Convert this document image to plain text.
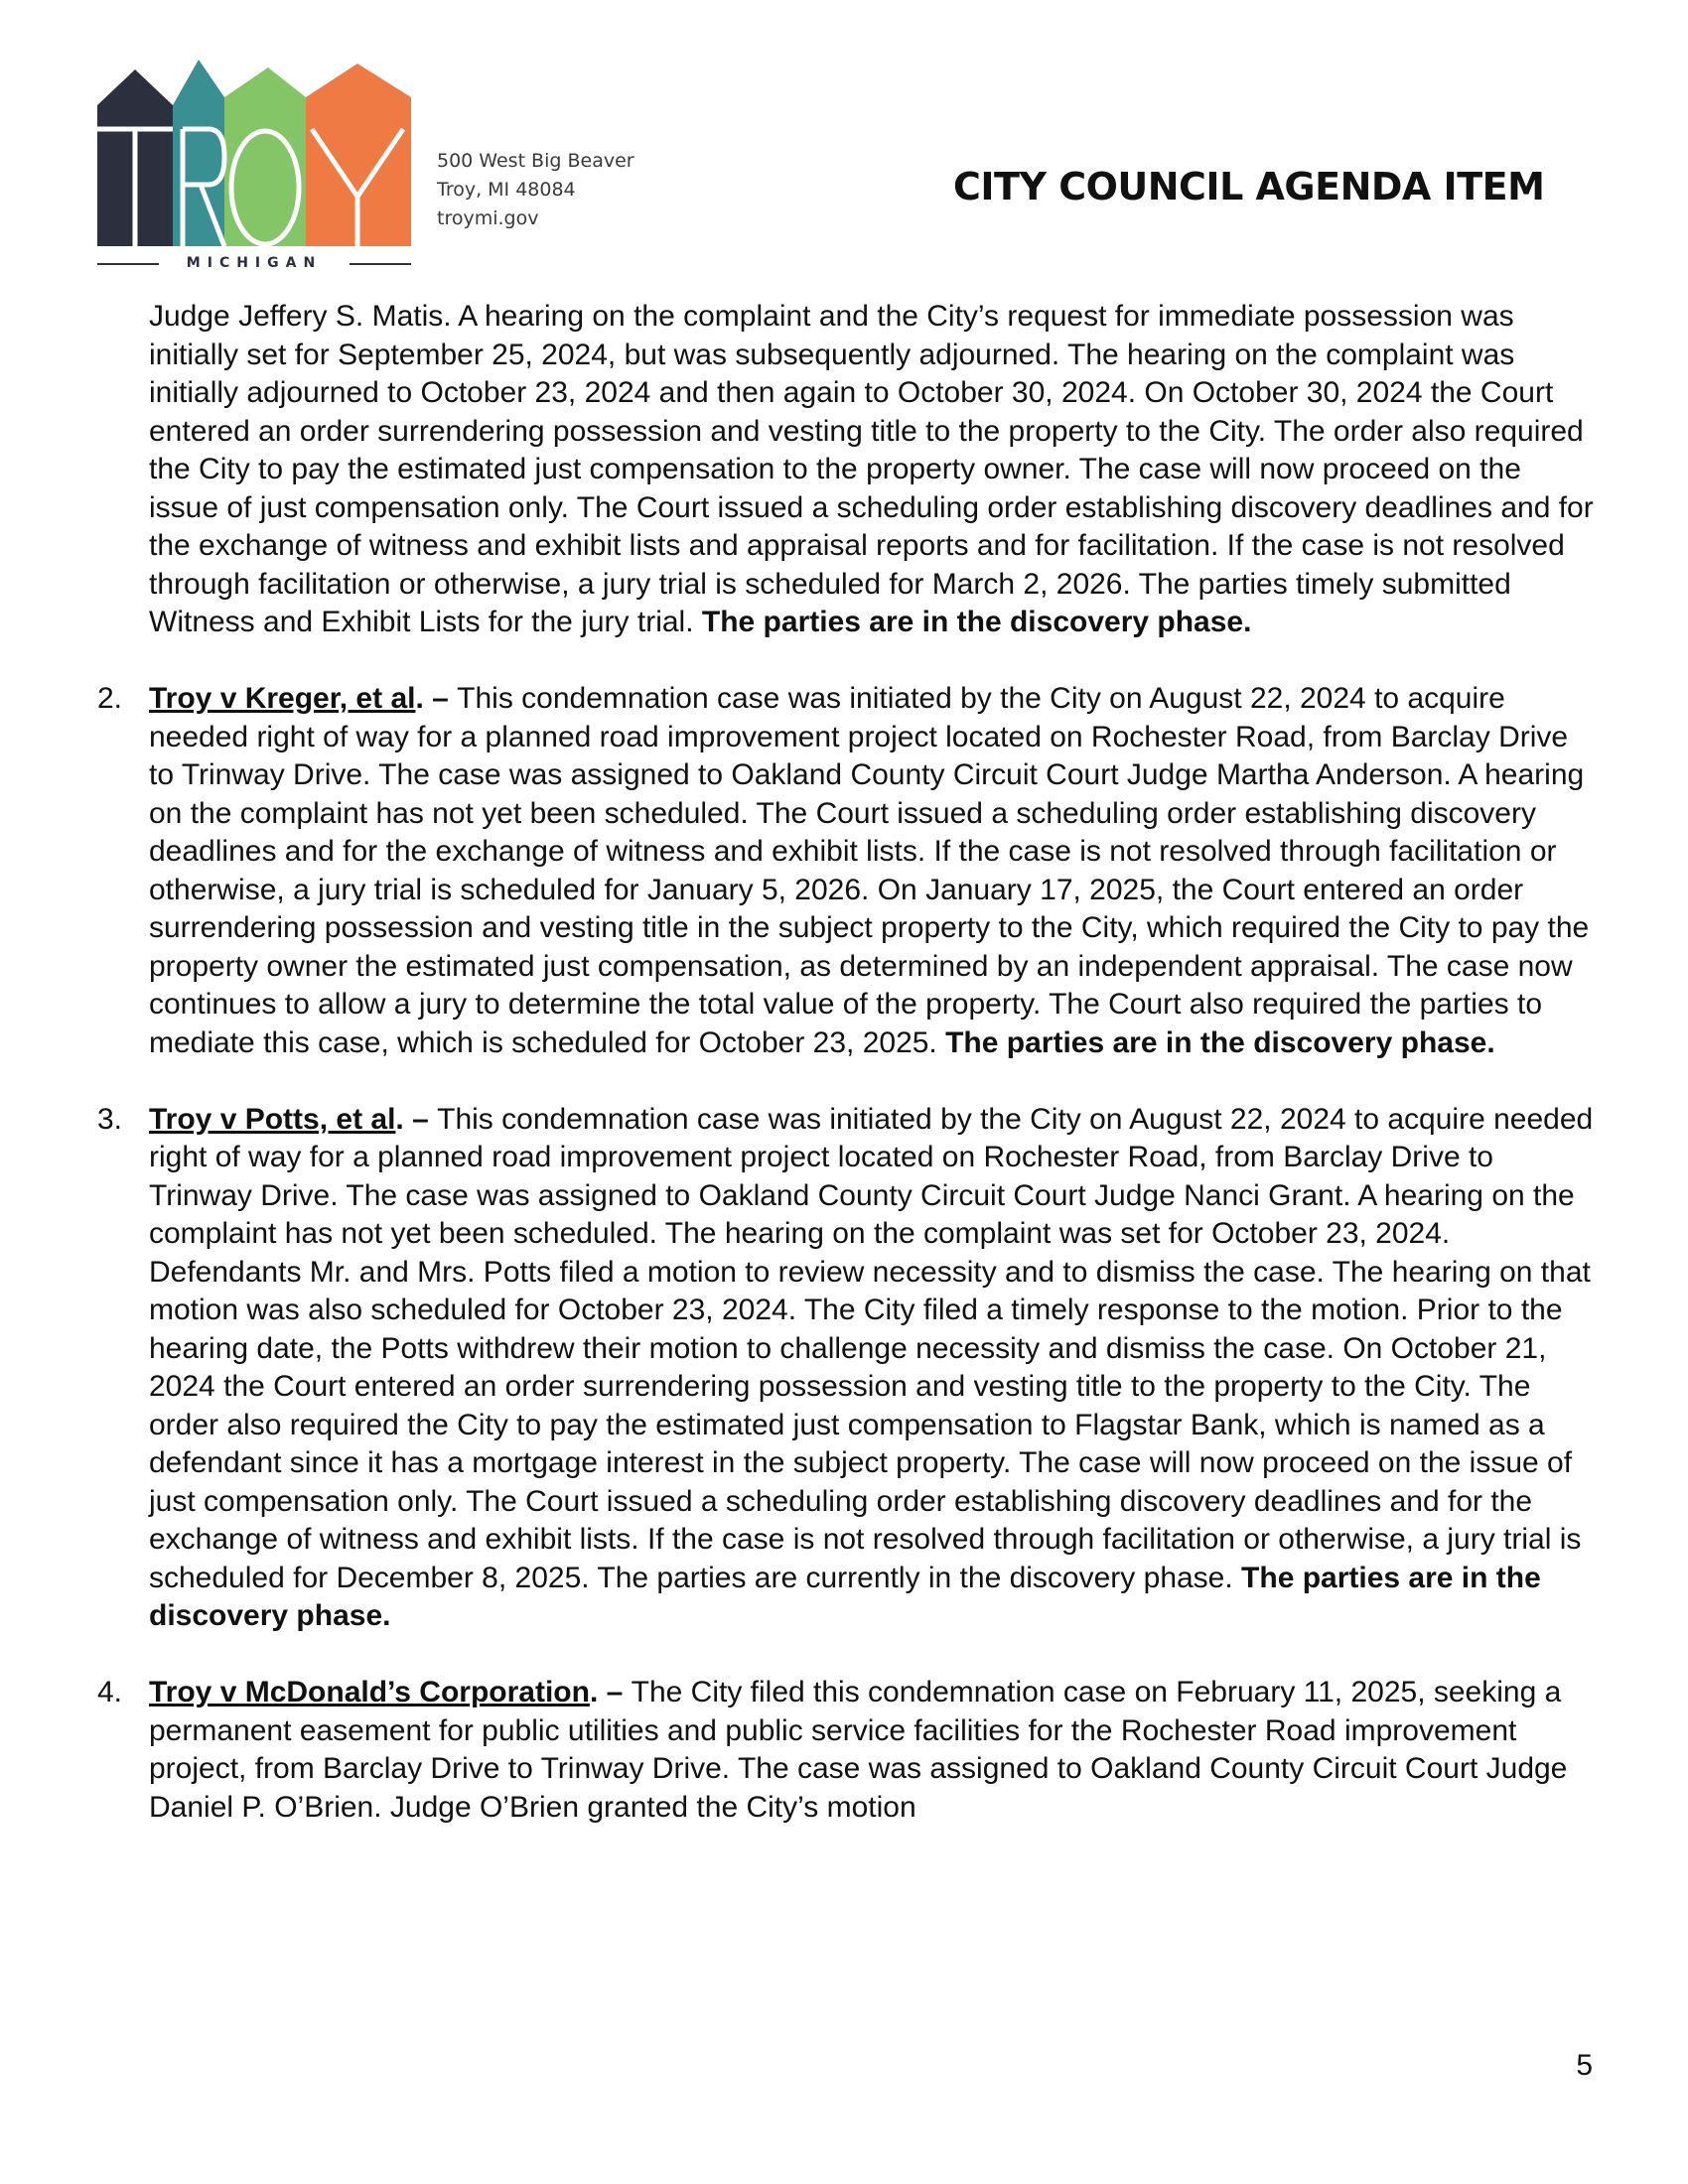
MICHIGAN
500 West Big Beaver
Troy, MI 48084
troymi.gov
CITY COUNCIL AGENDA ITEM

Judge Jeffery S. Matis. A hearing on the complaint and the City’s request for immediate possession was initially set for September 25, 2024, but was subsequently adjourned. The hearing on the complaint was initially adjourned to October 23, 2024 and then again to October 30, 2024. On October 30, 2024 the Court entered an order surrendering possession and vesting title to the property to the City. The order also required the City to pay the estimated just compensation to the property owner. The case will now proceed on the issue of just compensation only. The Court issued a scheduling order establishing discovery deadlines and for the exchange of witness and exhibit lists and appraisal reports and for facilitation. If the case is not resolved through facilitation or otherwise, a jury trial is scheduled for March 2, 2026. The parties timely submitted Witness and Exhibit Lists for the jury trial. The parties are in the discovery phase.

2. Troy v Kreger, et al. – This condemnation case was initiated by the City on August 22, 2024 to acquire needed right of way for a planned road improvement project located on Rochester Road, from Barclay Drive to Trinway Drive. The case was assigned to Oakland County Circuit Court Judge Martha Anderson. A hearing on the complaint has not yet been scheduled. The Court issued a scheduling order establishing discovery deadlines and for the exchange of witness and exhibit lists. If the case is not resolved through facilitation or otherwise, a jury trial is scheduled for January 5, 2026. On January 17, 2025, the Court entered an order surrendering possession and vesting title in the subject property to the City, which required the City to pay the property owner the estimated just compensation, as determined by an independent appraisal. The case now continues to allow a jury to determine the total value of the property. The Court also required the parties to mediate this case, which is scheduled for October 23, 2025. The parties are in the discovery phase.
3. Troy v Potts, et al. – This condemnation case was initiated by the City on August 22, 2024 to acquire needed right of way for a planned road improvement project located on Rochester Road, from Barclay Drive to Trinway Drive. The case was assigned to Oakland County Circuit Court Judge Nanci Grant. A hearing on the complaint has not yet been scheduled. The hearing on the complaint was set for October 23, 2024. Defendants Mr. and Mrs. Potts filed a motion to review necessity and to dismiss the case. The hearing on that motion was also scheduled for October 23, 2024. The City filed a timely response to the motion. Prior to the hearing date, the Potts withdrew their motion to challenge necessity and dismiss the case. On October 21, 2024 the Court entered an order surrendering possession and vesting title to the property to the City. The order also required the City to pay the estimated just compensation to Flagstar Bank, which is named as a defendant since it has a mortgage interest in the subject property. The case will now proceed on the issue of just compensation only. The Court issued a scheduling order establishing discovery deadlines and for the exchange of witness and exhibit lists. If the case is not resolved through facilitation or otherwise, a jury trial is scheduled for December 8, 2025. The parties are currently in the discovery phase. The parties are in the discovery phase.
4. Troy v McDonald’s Corporation. – The City filed this condemnation case on February 11, 2025, seeking a permanent easement for public utilities and public service facilities for the Rochester Road improvement project, from Barclay Drive to Trinway Drive. The case was assigned to Oakland County Circuit Court Judge Daniel P. O’Brien. Judge O’Brien granted the City’s motion
5
